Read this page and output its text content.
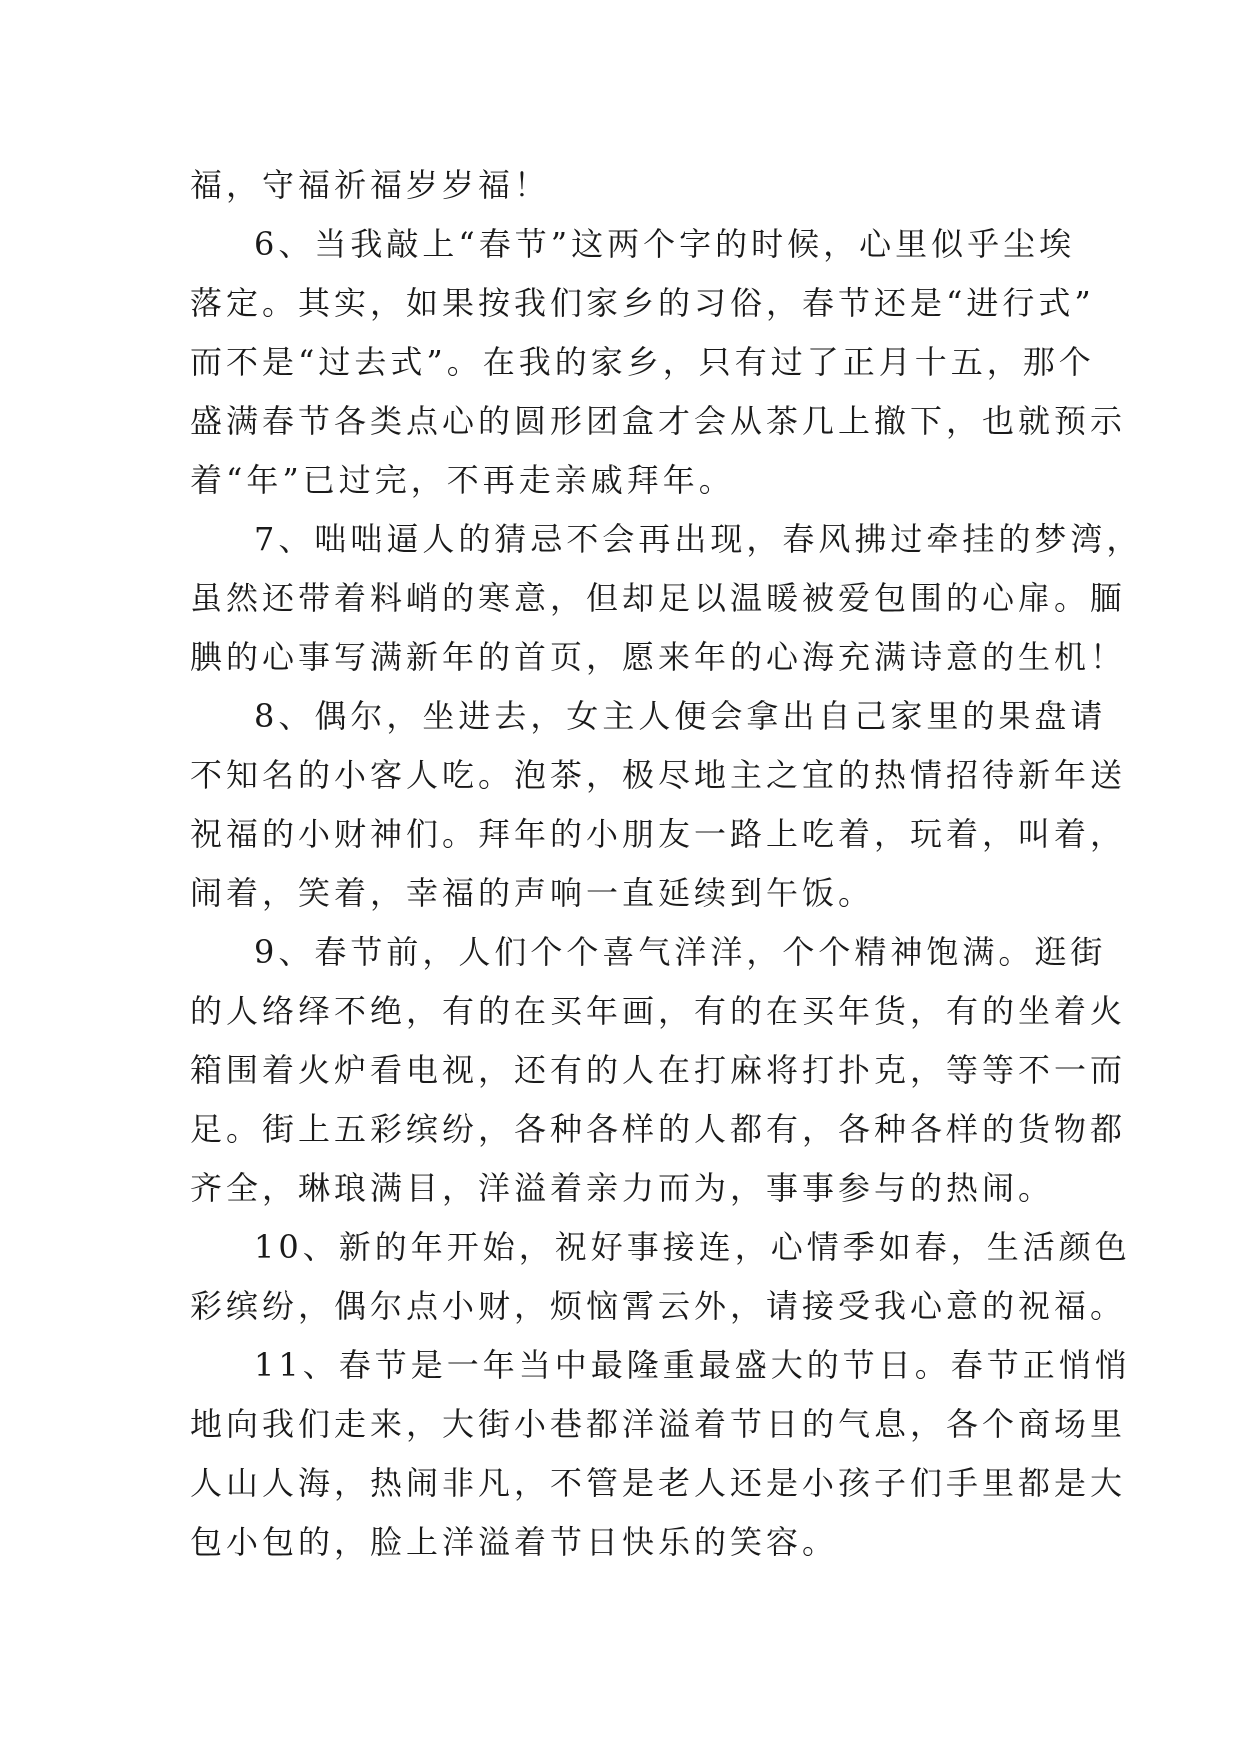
福，守福祈福岁岁福！
6、当我敲上“春节”这两个字的时候，心里似乎尘埃
落定。其实，如果按我们家乡的习俗，春节还是“进行式”
而不是“过去式”。在我的家乡，只有过了正月十五，那个
盛满春节各类点心的圆形团盒才会从茶几上撤下，也就预示
着“年”已过完，不再走亲戚拜年。
7、咄咄逼人的猜忌不会再出现，春风拂过牵挂的梦湾，
虽然还带着料峭的寒意，但却足以温暖被爱包围的心扉。腼
腆的心事写满新年的首页，愿来年的心海充满诗意的生机！
8、偶尔，坐进去，女主人便会拿出自己家里的果盘请
不知名的小客人吃。泡茶，极尽地主之宜的热情招待新年送
祝福的小财神们。拜年的小朋友一路上吃着，玩着，叫着，
闹着，笑着，幸福的声响一直延续到午饭。
9、春节前，人们个个喜气洋洋，个个精神饱满。逛街
的人络绎不绝，有的在买年画，有的在买年货，有的坐着火
箱围着火炉看电视，还有的人在打麻将打扑克，等等不一而
足。街上五彩缤纷，各种各样的人都有，各种各样的货物都
齐全，琳琅满目，洋溢着亲力而为，事事参与的热闹。
10、新的年开始，祝好事接连，心情季如春，生活颜色
彩缤纷，偶尔点小财，烦恼霄云外，请接受我心意的祝福。
11、春节是一年当中最隆重最盛大的节日。春节正悄悄
地向我们走来，大街小巷都洋溢着节日的气息，各个商场里
人山人海，热闹非凡，不管是老人还是小孩子们手里都是大
包小包的，脸上洋溢着节日快乐的笑容。
